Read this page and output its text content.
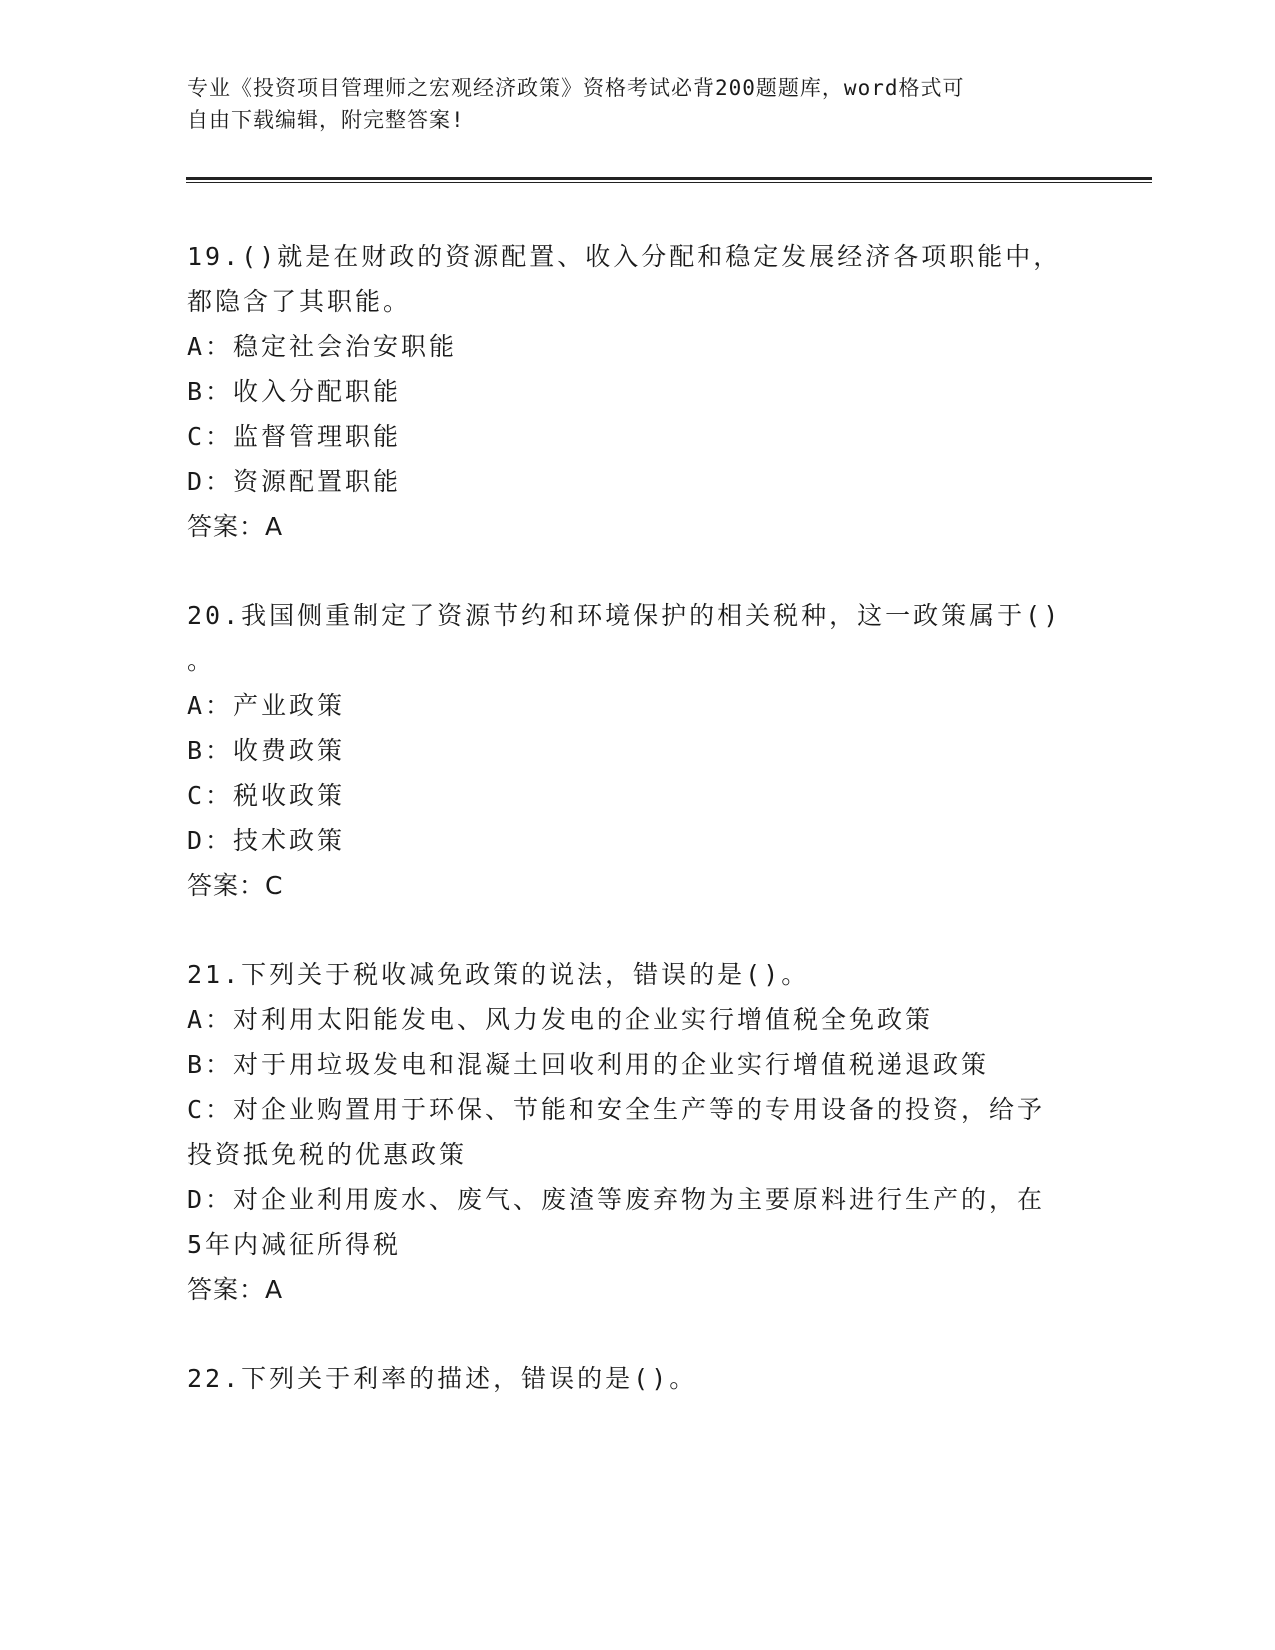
专业《投资项目管理师之宏观经济政策》资格考试必背200题题库，word格式可
自由下载编辑，附完整答案!
19.()就是在财政的资源配置、收入分配和稳定发展经济各项职能中，
都隐含了其职能。
A：稳定社会治安职能
B：收入分配职能
C：监督管理职能
D：资源配置职能
答案：A
20.我国侧重制定了资源节约和环境保护的相关税种，这一政策属于()
。
A：产业政策
B：收费政策
C：税收政策
D：技术政策
答案：C
21.下列关于税收减免政策的说法，错误的是()。
A：对利用太阳能发电、风力发电的企业实行增值税全免政策
B：对于用垃圾发电和混凝土回收利用的企业实行增值税递退政策
C：对企业购置用于环保、节能和安全生产等的专用设备的投资，给予
投资抵免税的优惠政策
D：对企业利用废水、废气、废渣等废弃物为主要原料进行生产的，在
5年内减征所得税
答案：A
22.下列关于利率的描述，错误的是()。
